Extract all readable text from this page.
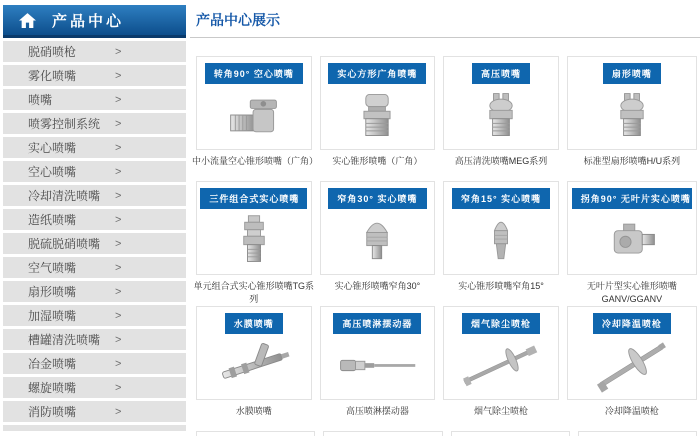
产品中心
脱硝喷枪	>
雾化喷嘴	>
喷嘴	>
喷雾控制系统 >
实心喷嘴	>
空心喷嘴	>
冷却清洗喷嘴 >
造纸喷嘴	>
脱硫脱硝喷嘴 >
空气喷嘴	>
扇形喷嘴	>
加湿喷嘴	>
槽罐清洗喷嘴 >
冶金喷嘴	>
螺旋喷嘴	>
消防喷嘴	>
产品中心展示
转角90° 空心喷嘴
中小流量空心锥形喷嘴（广角）
实心方形广角喷嘴
实心锥形喷嘴（广角）
高压喷嘴
高压清洗喷嘴MEG系列
扇形喷嘴
标准型扇形喷嘴H/U系列
三件组合式实心喷嘴
单元组合式实心锥形喷嘴TG系列
窄角30° 实心喷嘴
实心锥形喷嘴窄角30°
窄角15° 实心喷嘴
实心锥形喷嘴窄角15°
拐角90° 无叶片实心喷嘴
无叶片型实心锥形喷嘴GANV/GGANV
水膜喷嘴
水膜喷嘴
高压喷淋摆动器
高压喷淋摆动器
烟气除尘喷枪
烟气除尘喷枪
冷却降温喷枪
冷却降温喷枪
